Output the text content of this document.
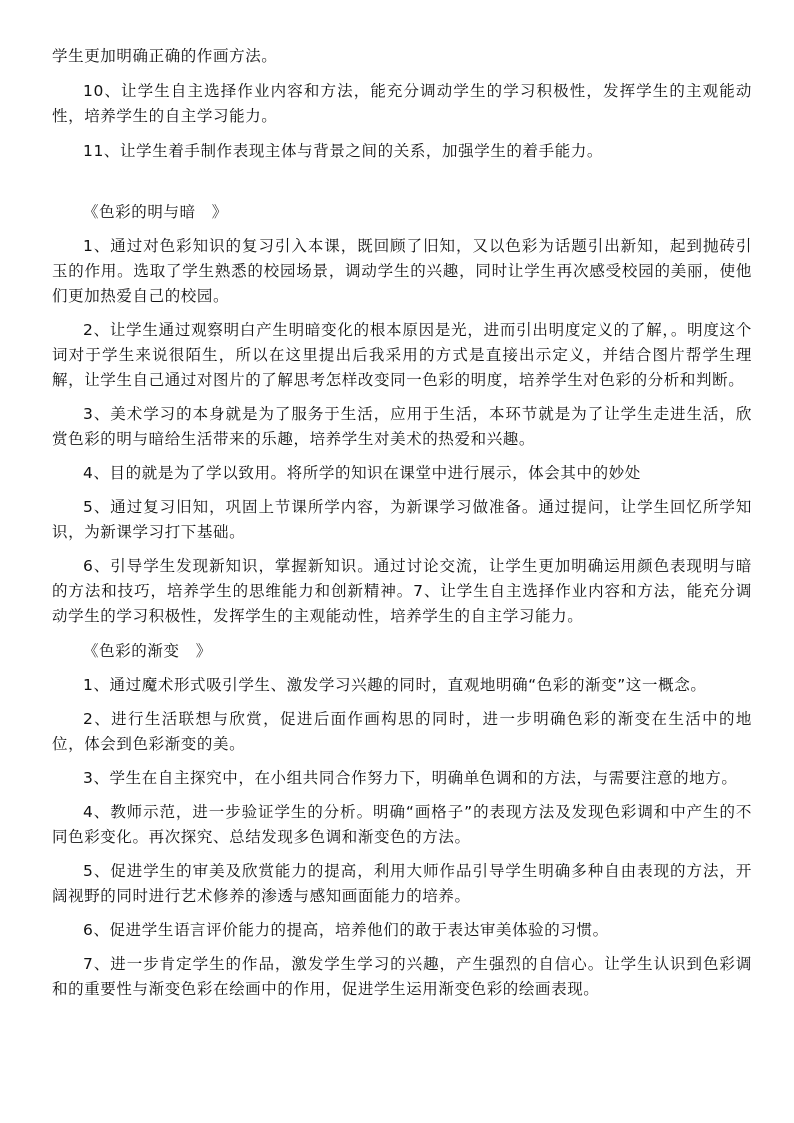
学生更加明确正确的作画方法。

10、让学生自主选择作业内容和方法，能充分调动学生的学习积极性，发挥学生的主观能动性，培养学生的自主学习能力。

11、让学生着手制作表现主体与背景之间的关系，加强学生的着手能力。

《色彩的明与暗　》

1、通过对色彩知识的复习引入本课，既回顾了旧知，又以色彩为话题引出新知，起到抛砖引玉的作用。选取了学生熟悉的校园场景，调动学生的兴趣，同时让学生再次感受校园的美丽，使他们更加热爱自己的校园。

2、让学生通过观察明白产生明暗变化的根本原因是光，进而引出明度定义的了解，。明度这个词对于学生来说很陌生，所以在这里提出后我采用的方式是直接出示定义，并结合图片帮学生理解，让学生自己通过对图片的了解思考怎样改变同一色彩的明度，培养学生对色彩的分析和判断。

3、美术学习的本身就是为了服务于生活，应用于生活，本环节就是为了让学生走进生活，欣赏色彩的明与暗给生活带来的乐趣，培养学生对美术的热爱和兴趣。

4、目的就是为了学以致用。将所学的知识在课堂中进行展示，体会其中的妙处

5、通过复习旧知，巩固上节课所学内容，为新课学习做准备。通过提问，让学生回忆所学知识，为新课学习打下基础。

6、引导学生发现新知识，掌握新知识。通过讨论交流，让学生更加明确运用颜色表现明与暗的方法和技巧，培养学生的思维能力和创新精神。7、让学生自主选择作业内容和方法，能充分调动学生的学习积极性，发挥学生的主观能动性，培养学生的自主学习能力。

《色彩的渐变　》

1、通过魔术形式吸引学生、激发学习兴趣的同时，直观地明确“色彩的渐变”这一概念。

2、进行生活联想与欣赏，促进后面作画构思的同时，进一步明确色彩的渐变在生活中的地位，体会到色彩渐变的美。

3、学生在自主探究中，在小组共同合作努力下，明确单色调和的方法，与需要注意的地方。

4、教师示范，进一步验证学生的分析。明确“画格子”的表现方法及发现色彩调和中产生的不同色彩变化。再次探究、总结发现多色调和渐变色的方法。

5、促进学生的审美及欣赏能力的提高，利用大师作品引导学生明确多种自由表现的方法，开阔视野的同时进行艺术修养的渗透与感知画面能力的培养。

6、促进学生语言评价能力的提高，培养他们的敢于表达审美体验的习惯。

7、进一步肯定学生的作品，激发学生学习的兴趣，产生强烈的自信心。让学生认识到色彩调和的重要性与渐变色彩在绘画中的作用，促进学生运用渐变色彩的绘画表现。
